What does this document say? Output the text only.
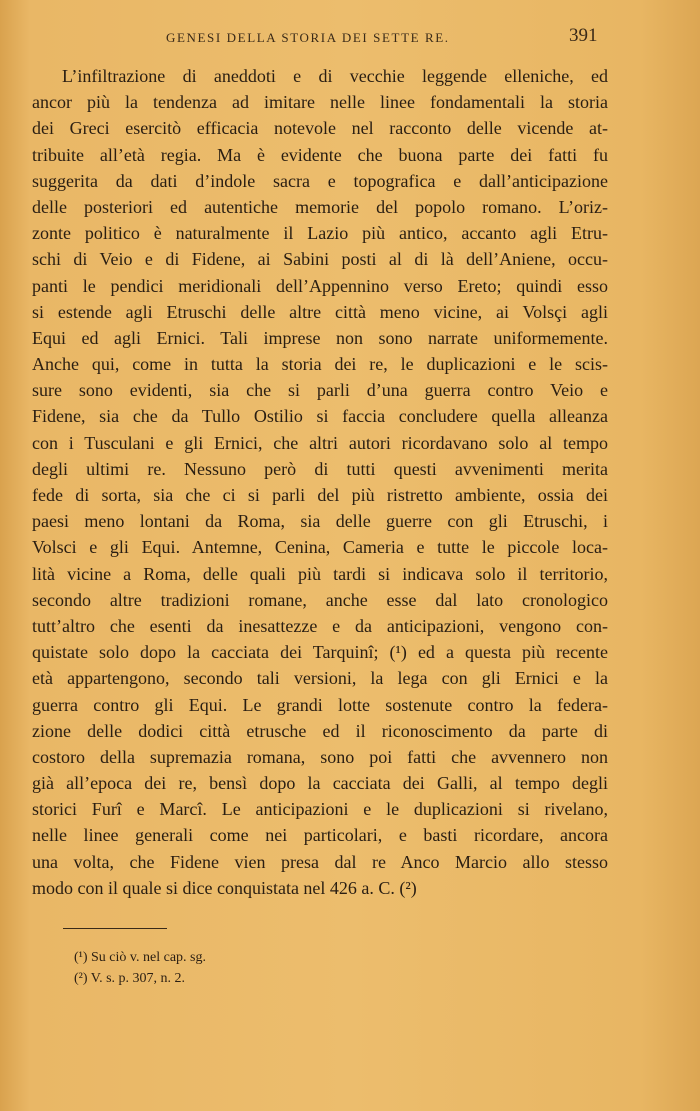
GENESI DELLA STORIA DEI SETTE RE.	391
L’infiltrazione di aneddoti e di vecchie leggende elleniche, ed
ancor più la tendenza ad imitare nelle linee fondamentali la storia
dei Greci esercitò efficacia notevole nel racconto delle vicende at-
tribuite all’età regia. Ma è evidente che buona parte dei fatti fu
suggerita da dati d’indole sacra e topografica e dall’anticipazione
delle posteriori ed autentiche memorie del popolo romano. L’oriz-
zonte politico è naturalmente il Lazio più antico, accanto agli Etru-
schi di Veio e di Fidene, ai Sabini posti al di là dell’Aniene, occu-
panti le pendici meridionali dell’Appennino verso Ereto; quindi esso
si estende agli Etruschi delle altre città meno vicine, ai Volsçi agli
Equi ed agli Ernici. Tali imprese non sono narrate uniformemente.
Anche qui, come in tutta la storia dei re, le duplicazioni e le scis-
sure sono evidenti, sia che si parli d’una guerra contro Veio e
Fidene, sia che da Tullo Ostilio si faccia concludere quella alleanza
con i Tusculani e gli Ernici, che altri autori ricordavano solo al tempo
degli ultimi re. Nessuno però di tutti questi avvenimenti merita
fede di sorta, sia che ci si parli del più ristretto ambiente, ossia dei
paesi meno lontani da Roma, sia delle guerre con gli Etruschi, i
Volsci e gli Equi. Antemne, Cenina, Cameria e tutte le piccole loca-
lità vicine a Roma, delle quali più tardi si indicava solo il territorio,
secondo altre tradizioni romane, anche esse dal lato cronologico
tutt’altro che esenti da inesattezze e da anticipazioni, vengono con-
quistate solo dopo la cacciata dei Tarquinî; (¹) ed a questa più recente
età appartengono, secondo tali versioni, la lega con gli Ernici e la
guerra contro gli Equi. Le grandi lotte sostenute contro la federa-
zione delle dodici città etrusche ed il riconoscimento da parte di
costoro della supremazia romana, sono poi fatti che avvennero non
già all’epoca dei re, bensì dopo la cacciata dei Galli, al tempo degli
storici Furî e Marcî. Le anticipazioni e le duplicazioni si rivelano,
nelle linee generali come nei particolari, e basti ricordare, ancora
una volta, che Fidene vien presa dal re Anco Marcio allo stesso
modo con il quale si dice conquistata nel 426 a. C. (²)
(¹) Su ciò v. nel cap. sg.
(²) V. s. p. 307, n. 2.
